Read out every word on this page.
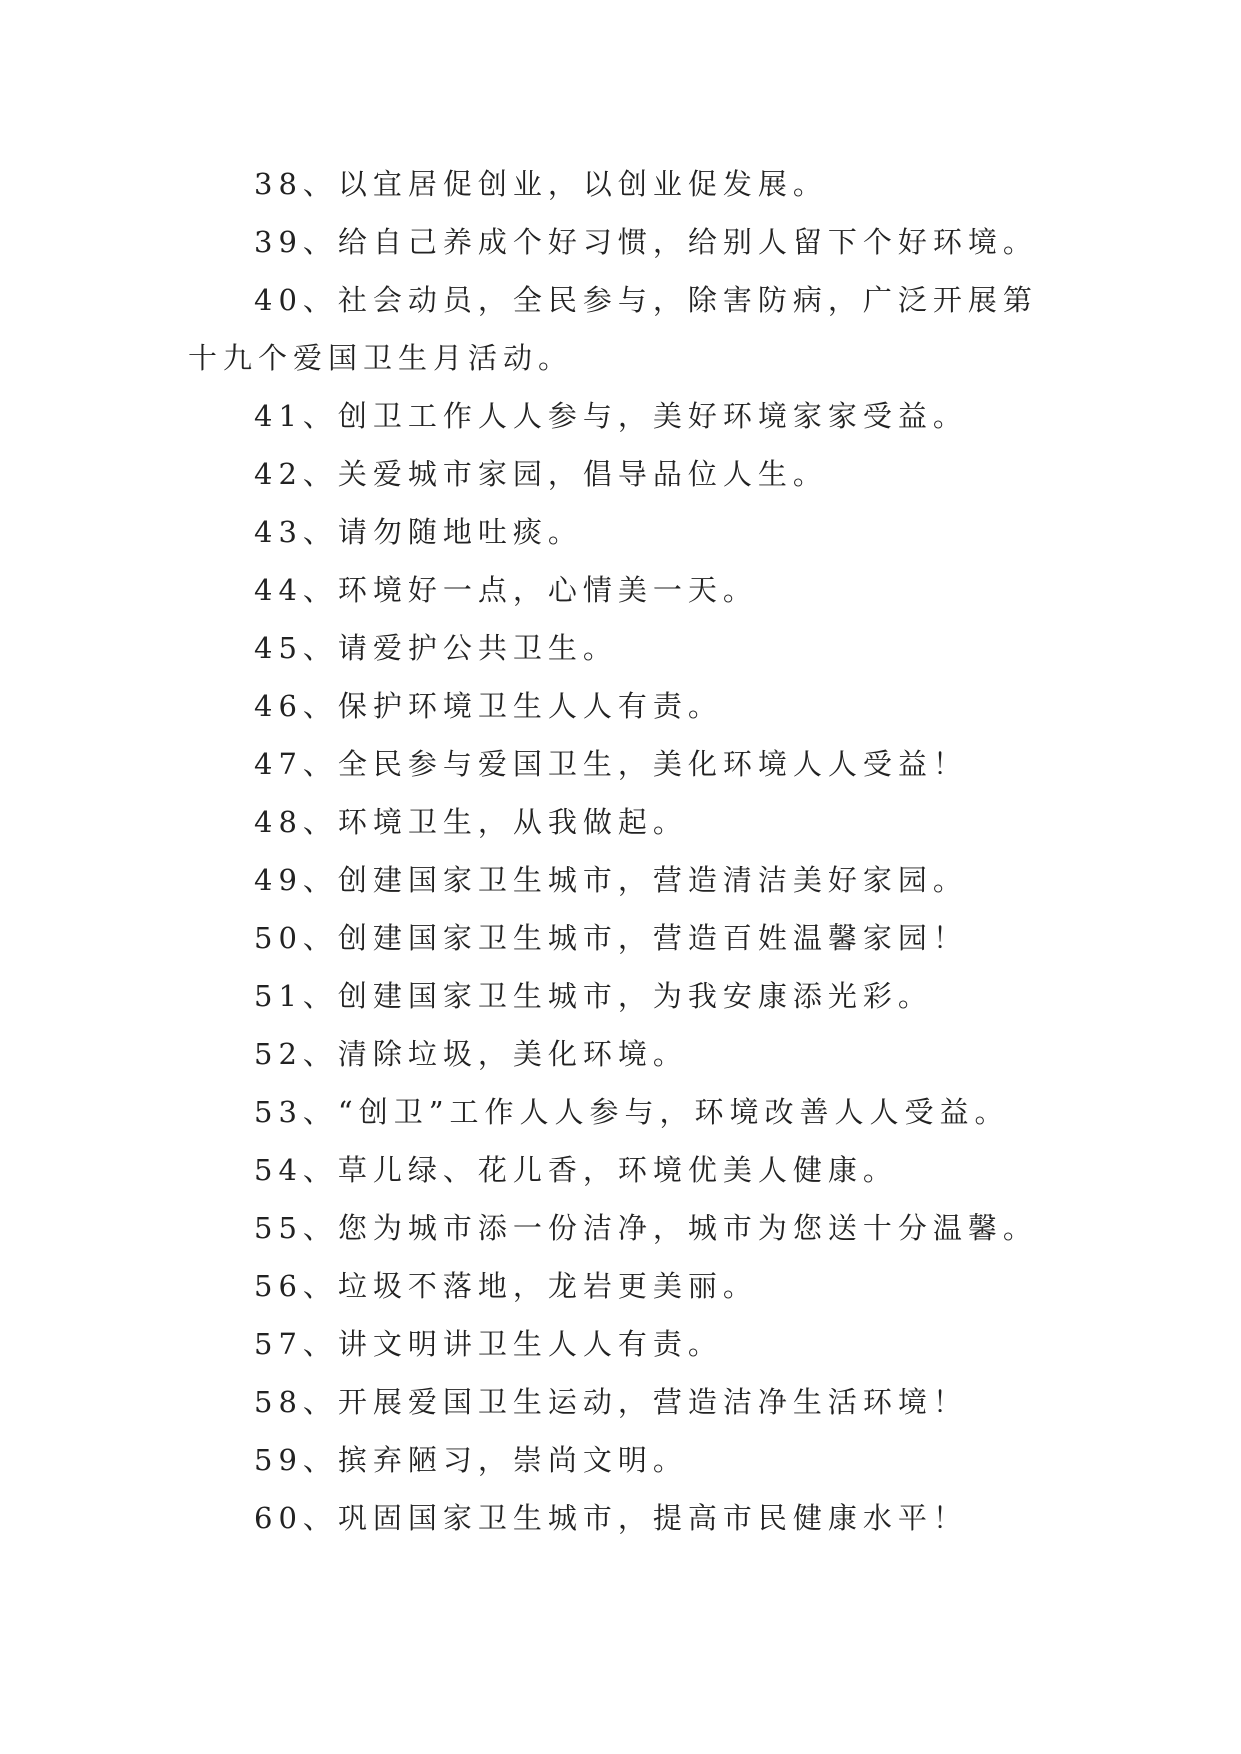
38、以宜居促创业，以创业促发展。

39、给自己养成个好习惯，给别人留下个好环境。

40、社会动员，全民参与，除害防病，广泛开展第十九个爱国卫生月活动。

41、创卫工作人人参与，美好环境家家受益。

42、关爱城市家园，倡导品位人生。

43、请勿随地吐痰。

44、环境好一点，心情美一天。

45、请爱护公共卫生。

46、保护环境卫生人人有责。

47、全民参与爱国卫生，美化环境人人受益！

48、环境卫生，从我做起。

49、创建国家卫生城市，营造清洁美好家园。

50、创建国家卫生城市，营造百姓温馨家园！

51、创建国家卫生城市，为我安康添光彩。

52、清除垃圾，美化环境。

53、“创卫”工作人人参与，环境改善人人受益。

54、草儿绿、花儿香，环境优美人健康。

55、您为城市添一份洁净，城市为您送十分温馨。

56、垃圾不落地，龙岩更美丽。

57、讲文明讲卫生人人有责。

58、开展爱国卫生运动，营造洁净生活环境！

59、摈弃陋习，崇尚文明。

60、巩固国家卫生城市，提高市民健康水平！
